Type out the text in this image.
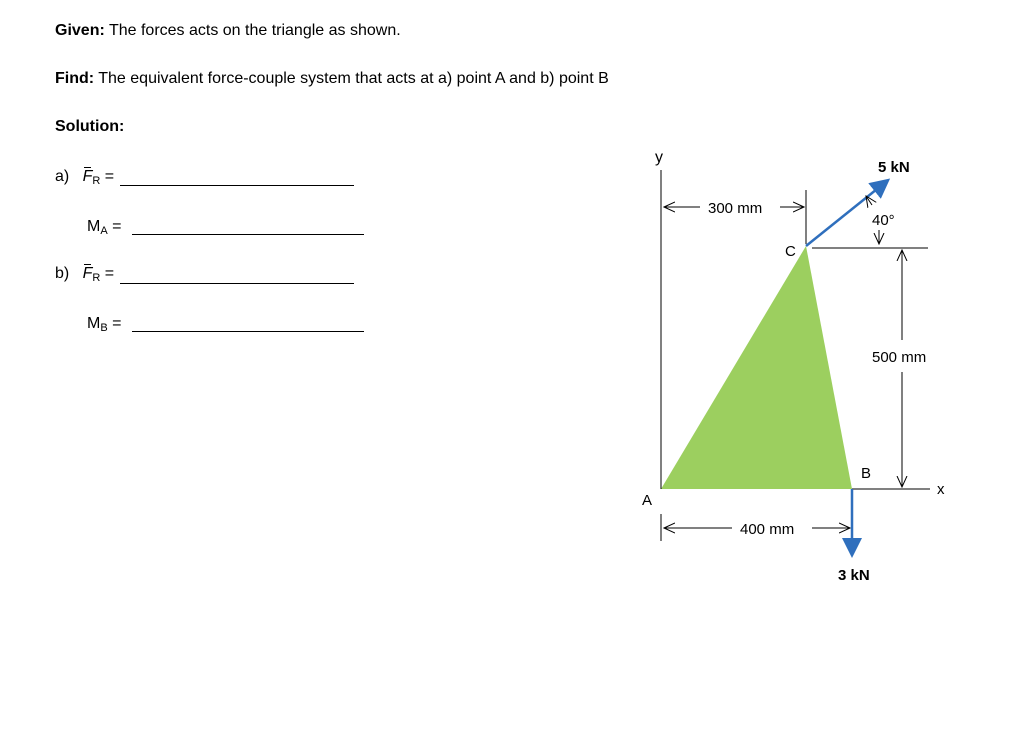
Given: The forces acts on the triangle as shown.
Find: The equivalent force-couple system that acts at a) point A and b) point B
Solution:
a) FR =
MA =
b) FR =
MB =
y
x
A
B
C
300 mm
400 mm
500 mm
5 kN
3 kN
40°
